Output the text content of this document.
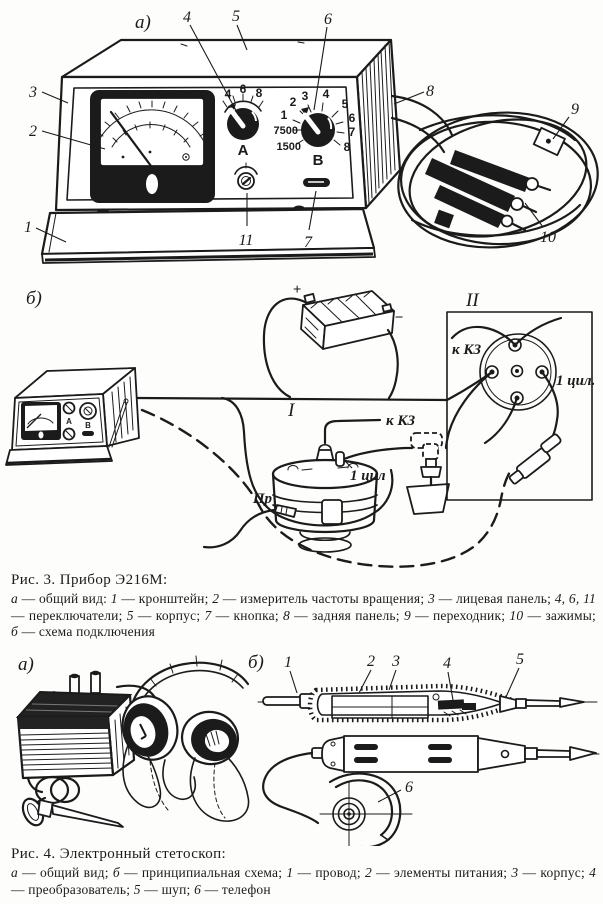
4 6 8
А
1
2 3 4
5
6
7
8
7500
1500
В
а)
3
2
1
4	5	6
11	7
8
9
10
б)
А В
+
−
I	к КЗ
1 цил
Пр
II
к КЗ
1 цил.
Рис. 3. Прибор Э216М:

а — общий вид: 1 — кронштейн; 2 — измеритель частоты вращения; 3 — лицевая панель; 4, 6, 11 — переключатели; 5 — корпус; 7 — кнопка; 8 — задняя панель; 9 — переходник; 10 — зажимы; б — схема подключения

а)	б) 1	2 3	4	5
6
Рис. 4. Электронный стетоскоп:

а — общий вид; б — принципиальная схема; 1 — провод; 2 — элементы питания; 3 — корпус; 4 — преобразователь; 5 — шуп; 6 — телефон
